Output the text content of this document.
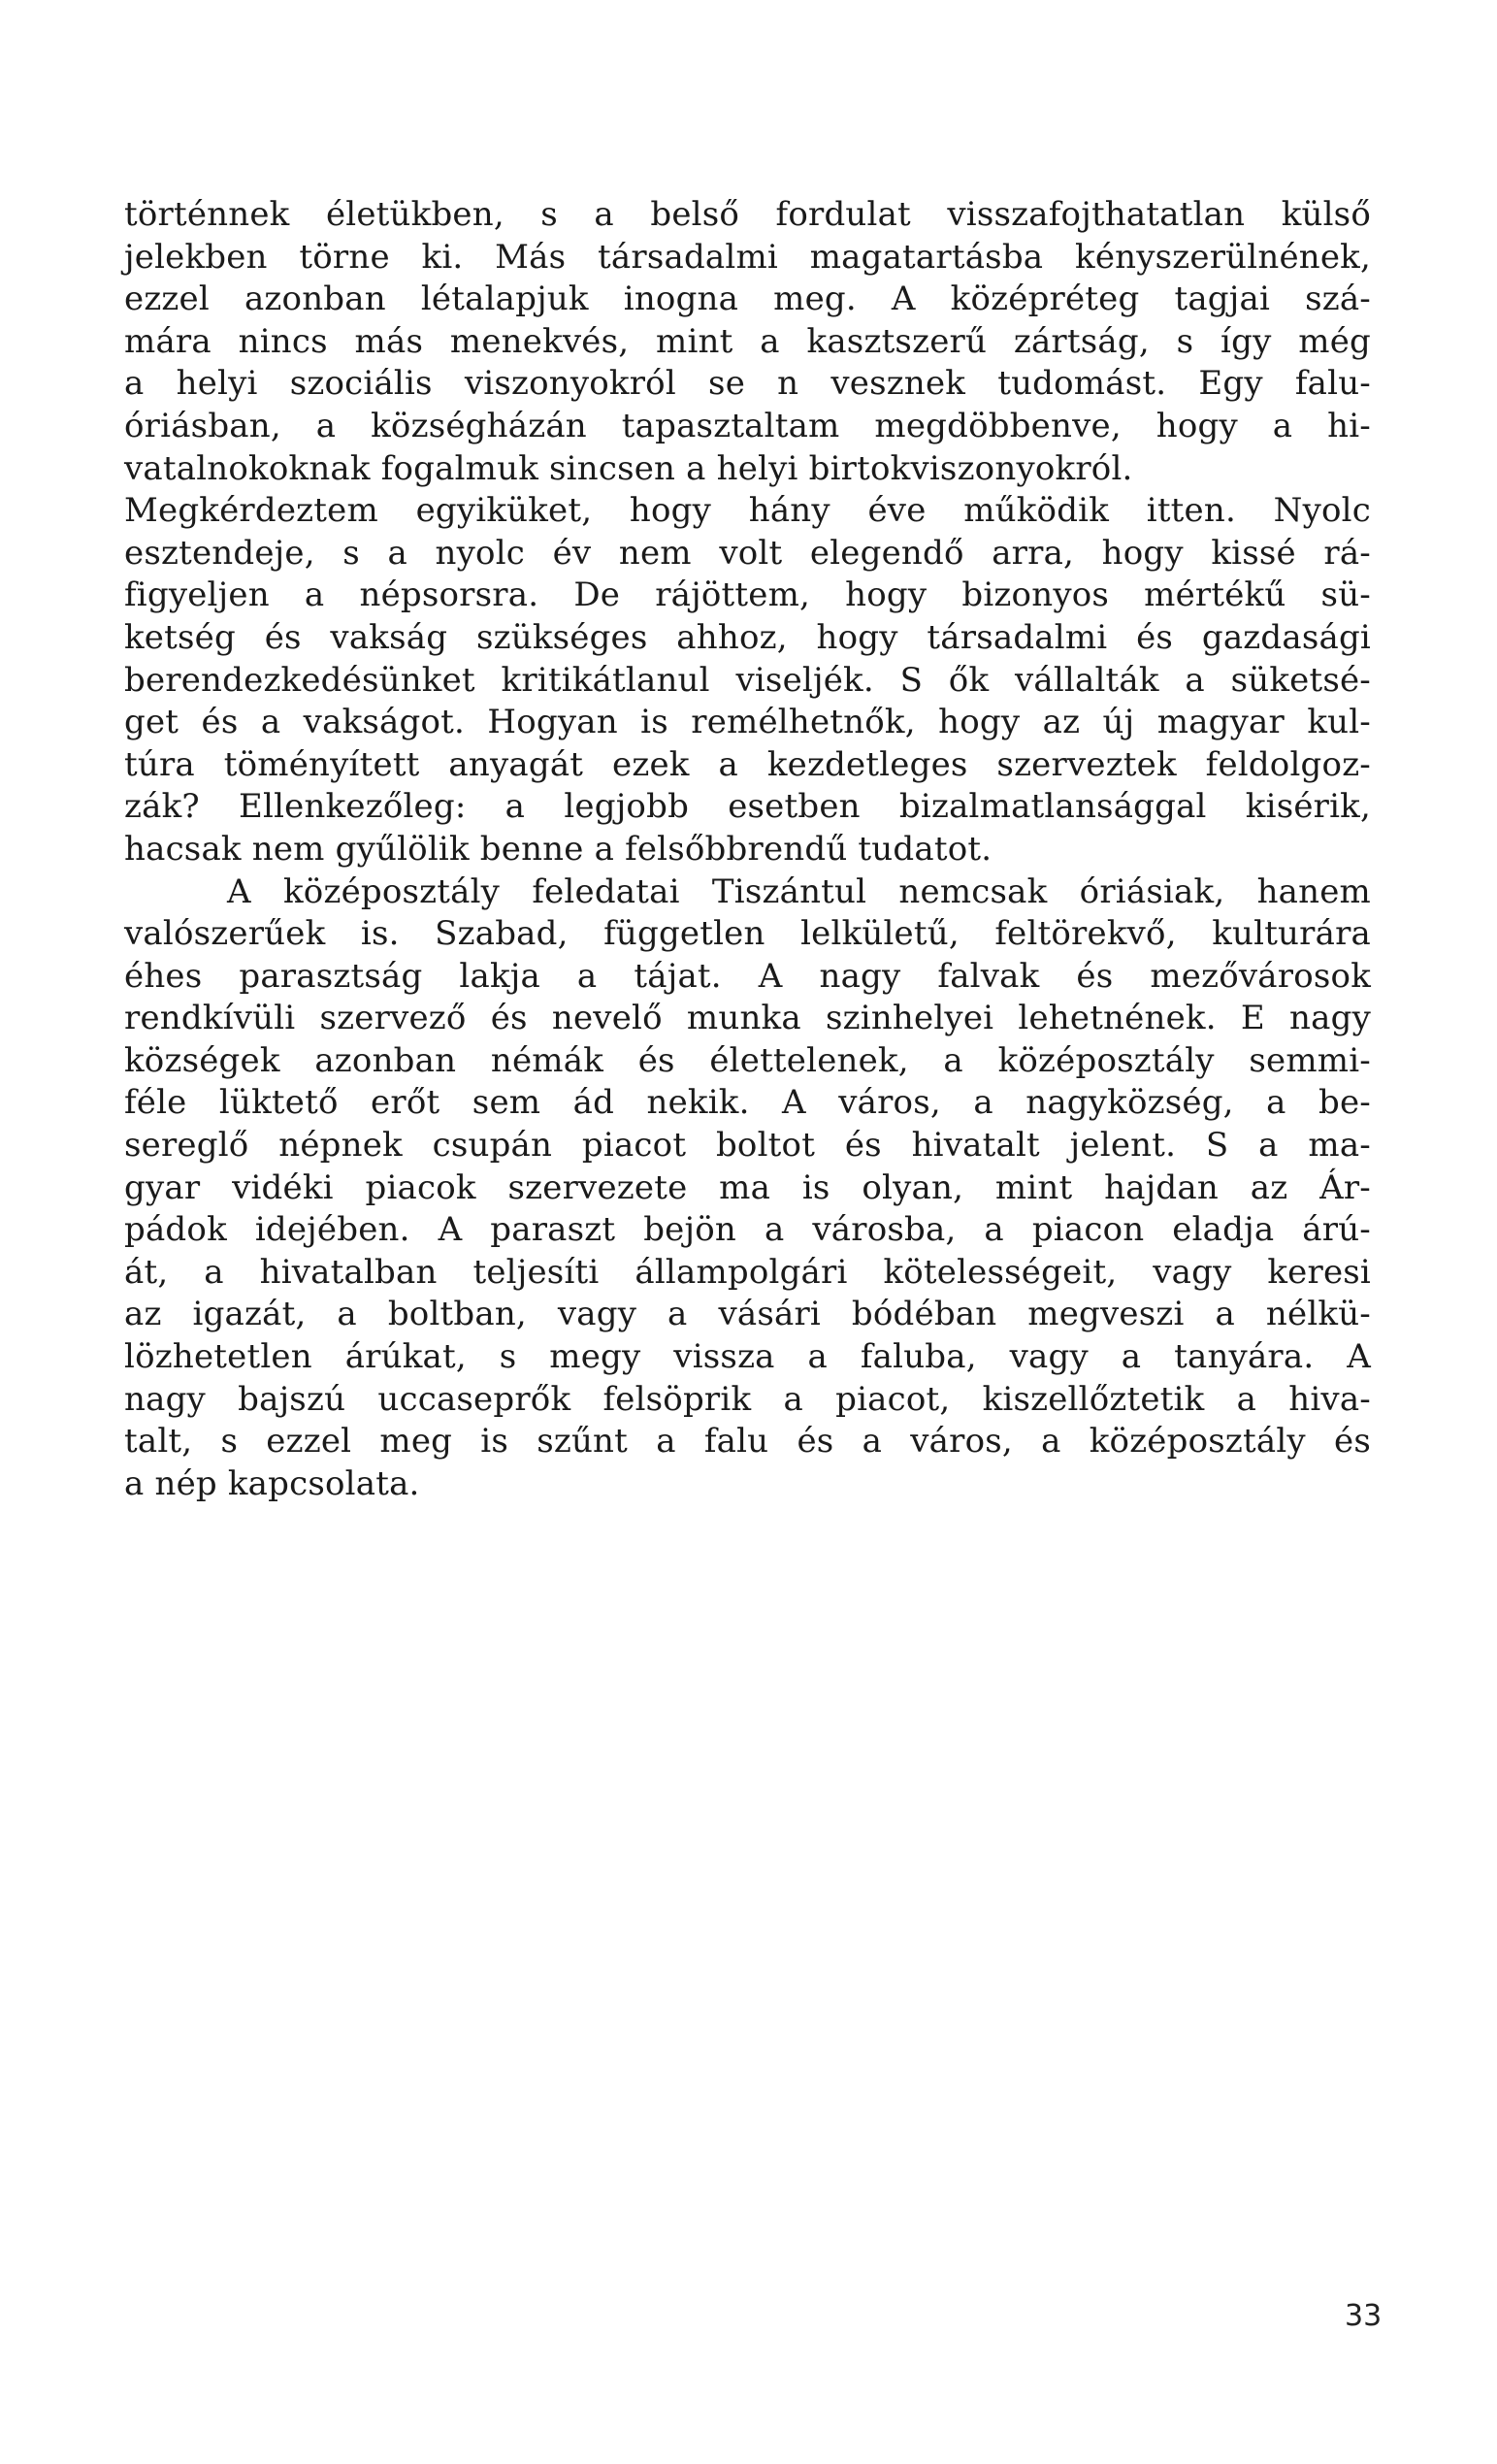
történnek életükben, s a belső fordulat visszafojthatatlan külső
jelekben törne ki. Más társadalmi magatartásba kényszerülnének,
ezzel azonban létalapjuk inogna meg. A középréteg tagjai szá-
mára nincs más menekvés, mint a kasztszerű zártság, s így még
a helyi szociális viszonyokról se n vesznek tudomást. Egy falu-
óriásban, a községházán tapasztaltam megdöbbenve, hogy a hi-
vatalnokoknak fogalmuk sincsen a helyi birtokviszonyokról.
Megkérdeztem egyiküket, hogy hány éve működik itten. Nyolc
esztendeje, s a nyolc év nem volt elegendő arra, hogy kissé rá-
figyeljen a népsorsra. De rájöttem, hogy bizonyos mértékű sü-
ketség és vakság szükséges ahhoz, hogy társadalmi és gazdasági
berendezkedésünket kritikátlanul viseljék. S ők vállalták a süketsé-
get és a vakságot. Hogyan is remélhetnők, hogy az új magyar kul-
túra töményített anyagát ezek a kezdetleges szerveztek feldolgoz-
zák? Ellenkezőleg: a legjobb esetben bizalmatlansággal kisérik,
hacsak nem gyűlölik benne a felsőbbrendű tudatot.
A középosztály feledatai Tiszántul nemcsak óriásiak, hanem
valószerűek is. Szabad, független lelkületű, feltörekvő, kulturára
éhes parasztság lakja a tájat. A nagy falvak és mezővárosok
rendkívüli szervező és nevelő munka szinhelyei lehetnének. E nagy
községek azonban némák és élettelenek, a középosztály semmi-
féle lüktető erőt sem ád nekik. A város, a nagyközség, a be-
sereglő népnek csupán piacot boltot és hivatalt jelent. S a ma-
gyar vidéki piacok szervezete ma is olyan, mint hajdan az Ár-
pádok idejében. A paraszt bejön a városba, a piacon eladja árú-
át, a hivatalban teljesíti állampolgári kötelességeit, vagy keresi
az igazát, a boltban, vagy a vásári bódéban megveszi a nélkü-
lözhetetlen árúkat, s megy vissza a faluba, vagy a tanyára. A
nagy bajszú uccaseprők felsöprik a piacot, kiszellőztetik a hiva-
talt, s ezzel meg is szűnt a falu és a város, a középosztály és
a nép kapcsolata.
33
